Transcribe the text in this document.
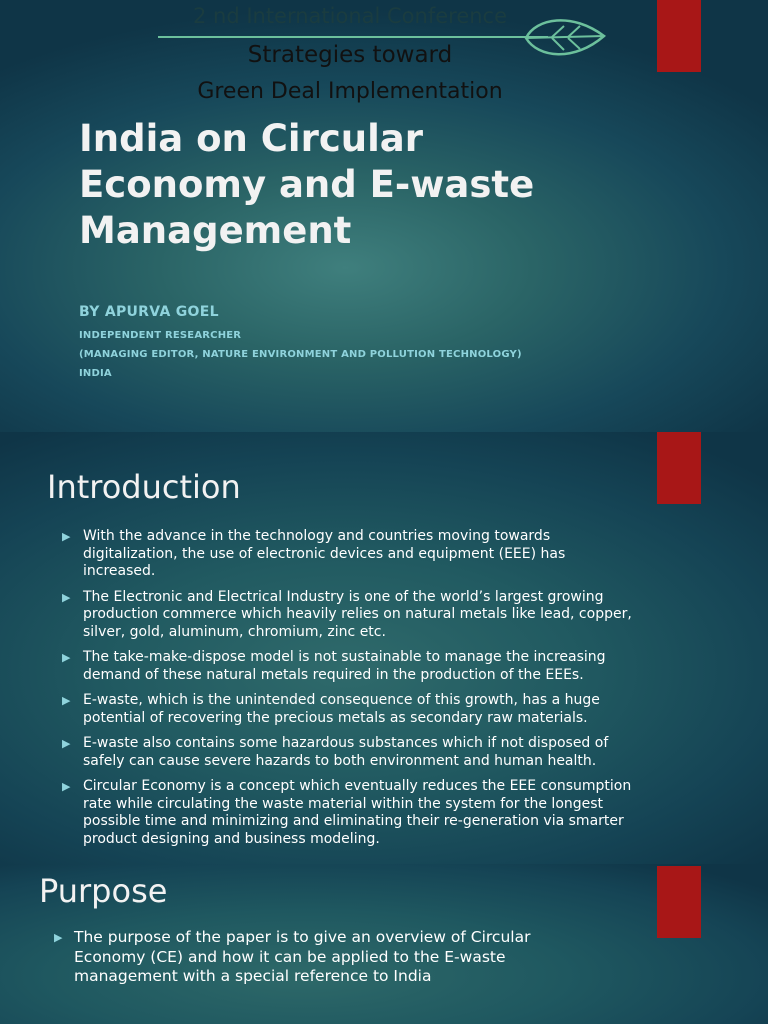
2 nd International Conference
Strategies toward
Green Deal Implementation
India on Circular
Economy and E-waste
Management
BY APURVA GOEL
INDEPENDENT RESEARCHER
(MANAGING EDITOR, NATURE ENVIRONMENT AND POLLUTION TECHNOLOGY)
INDIA
Introduction
▶ With the advance in the technology and countries moving towards digitalization, the use of electronic devices and equipment (EEE) has increased.
▶ The Electronic and Electrical Industry is one of the world’s largest growing production commerce which heavily relies on natural metals like lead, copper, silver, gold, aluminum, chromium, zinc etc.
▶ The take-make-dispose model is not sustainable to manage the increasing demand of these natural metals required in the production of the EEEs.
▶ E-waste, which is the unintended consequence of this growth, has a huge potential of recovering the precious metals as secondary raw materials.
▶ E-waste also contains some hazardous substances which if not disposed of safely can cause severe hazards to both environment and human health.
▶ Circular Economy is a concept which eventually reduces the EEE consumption rate while circulating the waste material within the system for the longest possible time and minimizing and eliminating their re-generation via smarter product designing and business modeling.
Purpose
▶ The purpose of the paper is to give an overview of Circular Economy (CE) and how it can be applied to the E-waste management with a special reference to India
